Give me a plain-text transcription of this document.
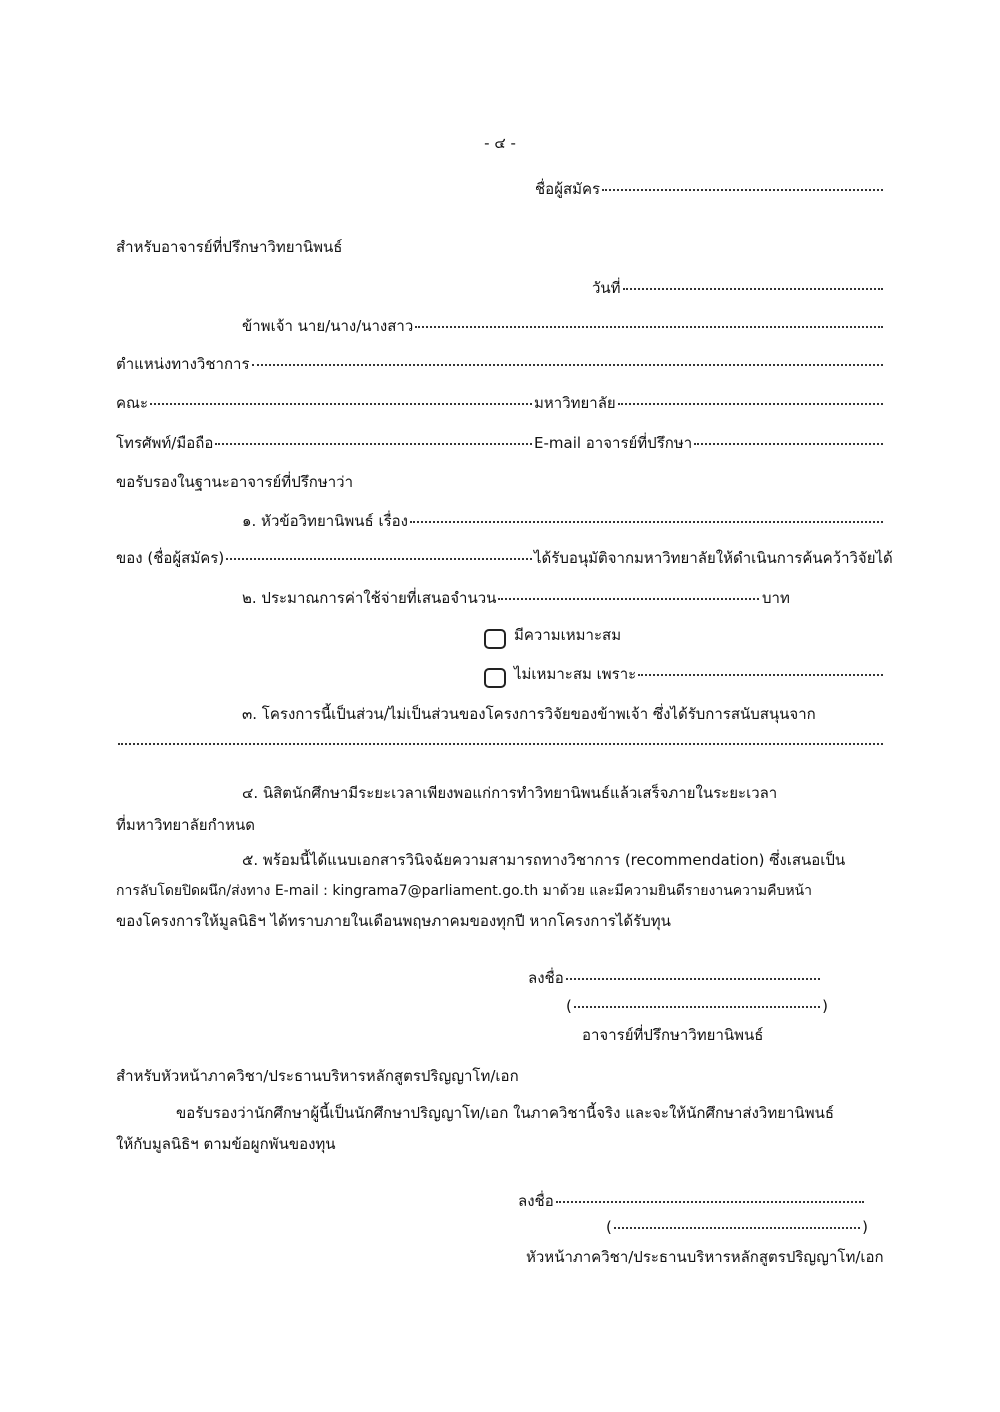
- ๔ -
ชื่อผู้สมัคร
สำหรับอาจารย์ที่ปรึกษาวิทยานิพนธ์
วันที่
ข้าพเจ้า นาย/นาง/นางสาว
ตำแหน่งทางวิชาการ
คณะ	มหาวิทยาลัย
โทรศัพท์/มือถือ	E-mail อาจารย์ที่ปรึกษา
ขอรับรองในฐานะอาจารย์ที่ปรึกษาว่า
๑. หัวข้อวิทยานิพนธ์ เรื่อง
ของ (ชื่อผู้สมัคร)	ได้รับอนุมัติจากมหาวิทยาลัยให้ดำเนินการค้นคว้าวิจัยได้
๒. ประมาณการค่าใช้จ่ายที่เสนอจำนวน	บาท
มีความเหมาะสม
ไม่เหมาะสม เพราะ
๓. โครงการนี้เป็นส่วน/ไม่เป็นส่วนของโครงการวิจัยของข้าพเจ้า ซึ่งได้รับการสนับสนุนจาก
๔. นิสิตนักศึกษามีระยะเวลาเพียงพอแก่การทำวิทยานิพนธ์แล้วเสร็จภายในระยะเวลา
ที่มหาวิทยาลัยกำหนด
๕. พร้อมนี้ได้แนบเอกสารวินิจฉัยความสามารถทางวิชาการ (recommendation) ซึ่งเสนอเป็น
การลับโดยปิดผนึก/ส่งทาง E-mail : kingrama7@parliament.go.th มาด้วย และมีความยินดีรายงานความคืบหน้า
ของโครงการให้มูลนิธิฯ ได้ทราบภายในเดือนพฤษภาคมของทุกปี หากโครงการได้รับทุน
ลงชื่อ
(	)
อาจารย์ที่ปรึกษาวิทยานิพนธ์
สำหรับหัวหน้าภาควิชา/ประธานบริหารหลักสูตรปริญญาโท/เอก
ขอรับรองว่านักศึกษาผู้นี้เป็นนักศึกษาปริญญาโท/เอก ในภาควิชานี้จริง และจะให้นักศึกษาส่งวิทยานิพนธ์
ให้กับมูลนิธิฯ ตามข้อผูกพันของทุน
ลงชื่อ
(	)
หัวหน้าภาควิชา/ประธานบริหารหลักสูตรปริญญาโท/เอก
